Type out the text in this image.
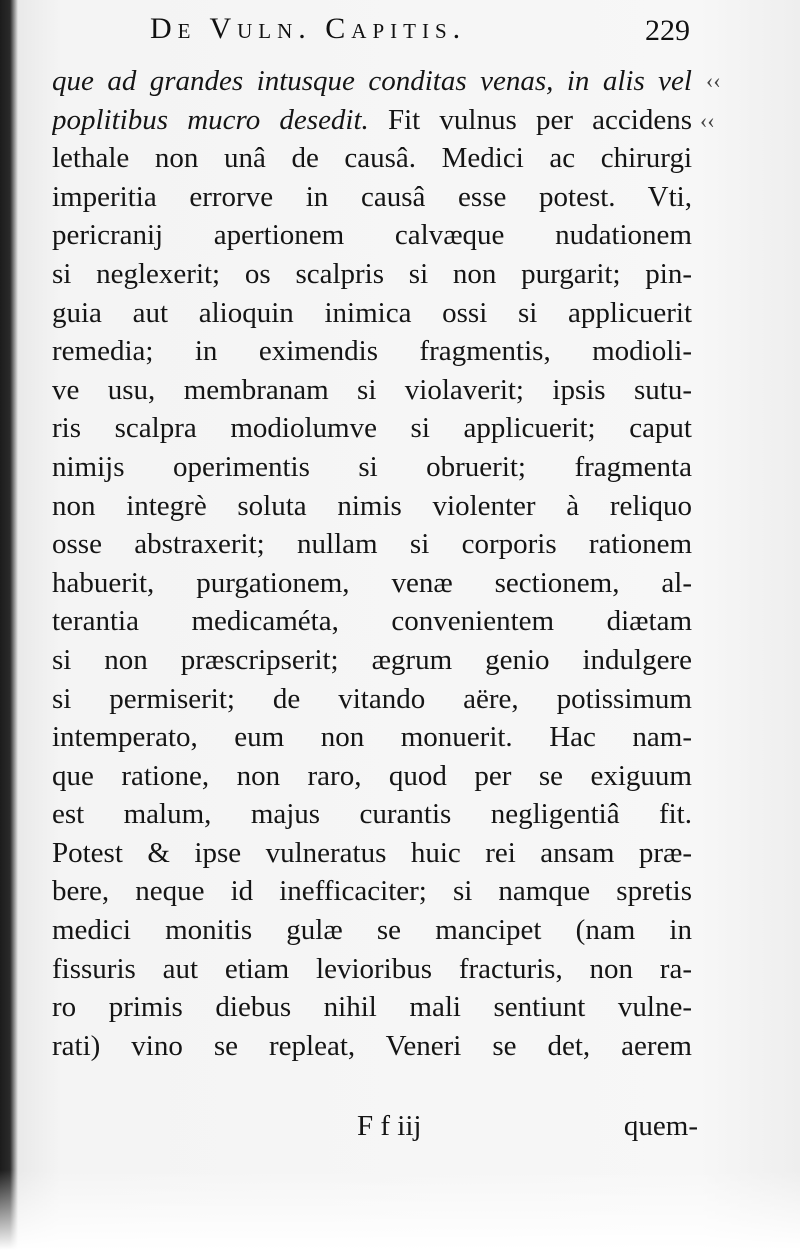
De Vuln. Capitis.	229
‹‹
‹‹
que ad grandes intusque conditas venas, in alis vel
poplitibus mucro desedit. Fit vulnus per accidens
lethale non unâ de causâ. Medici ac chirurgi
imperitia errorve in causâ esse potest. Vti,
pericranij apertionem calvæque nudationem
si neglexerit; os scalpris si non purgarit; pin-
guia aut alioquin inimica ossi si applicuerit
remedia; in eximendis fragmentis, modioli-
ve usu, membranam si violaverit; ipsis sutu-
ris scalpra modiolumve si applicuerit; caput
nimijs operimentis si obruerit; fragmenta
non integrè soluta nimis violenter à reliquo
osse abstraxerit; nullam si corporis rationem
habuerit, purgationem, venæ sectionem, al-
terantia medicaméta, convenientem diætam
si non præscripserit; ægrum genio indulgere
si permiserit; de vitando aëre, potissimum
intemperato, eum non monuerit. Hac nam-
que ratione, non raro, quod per se exiguum
est malum, majus curantis negligentiâ fit.
Potest & ipse vulneratus huic rei ansam præ-
bere, neque id inefficaciter; si namque spretis
medici monitis gulæ se mancipet (nam in
fissuris aut etiam levioribus fracturis, non ra-
ro primis diebus nihil mali sentiunt vulne-
rati) vino se repleat, Veneri se det, aerem
F f iij	quem-
